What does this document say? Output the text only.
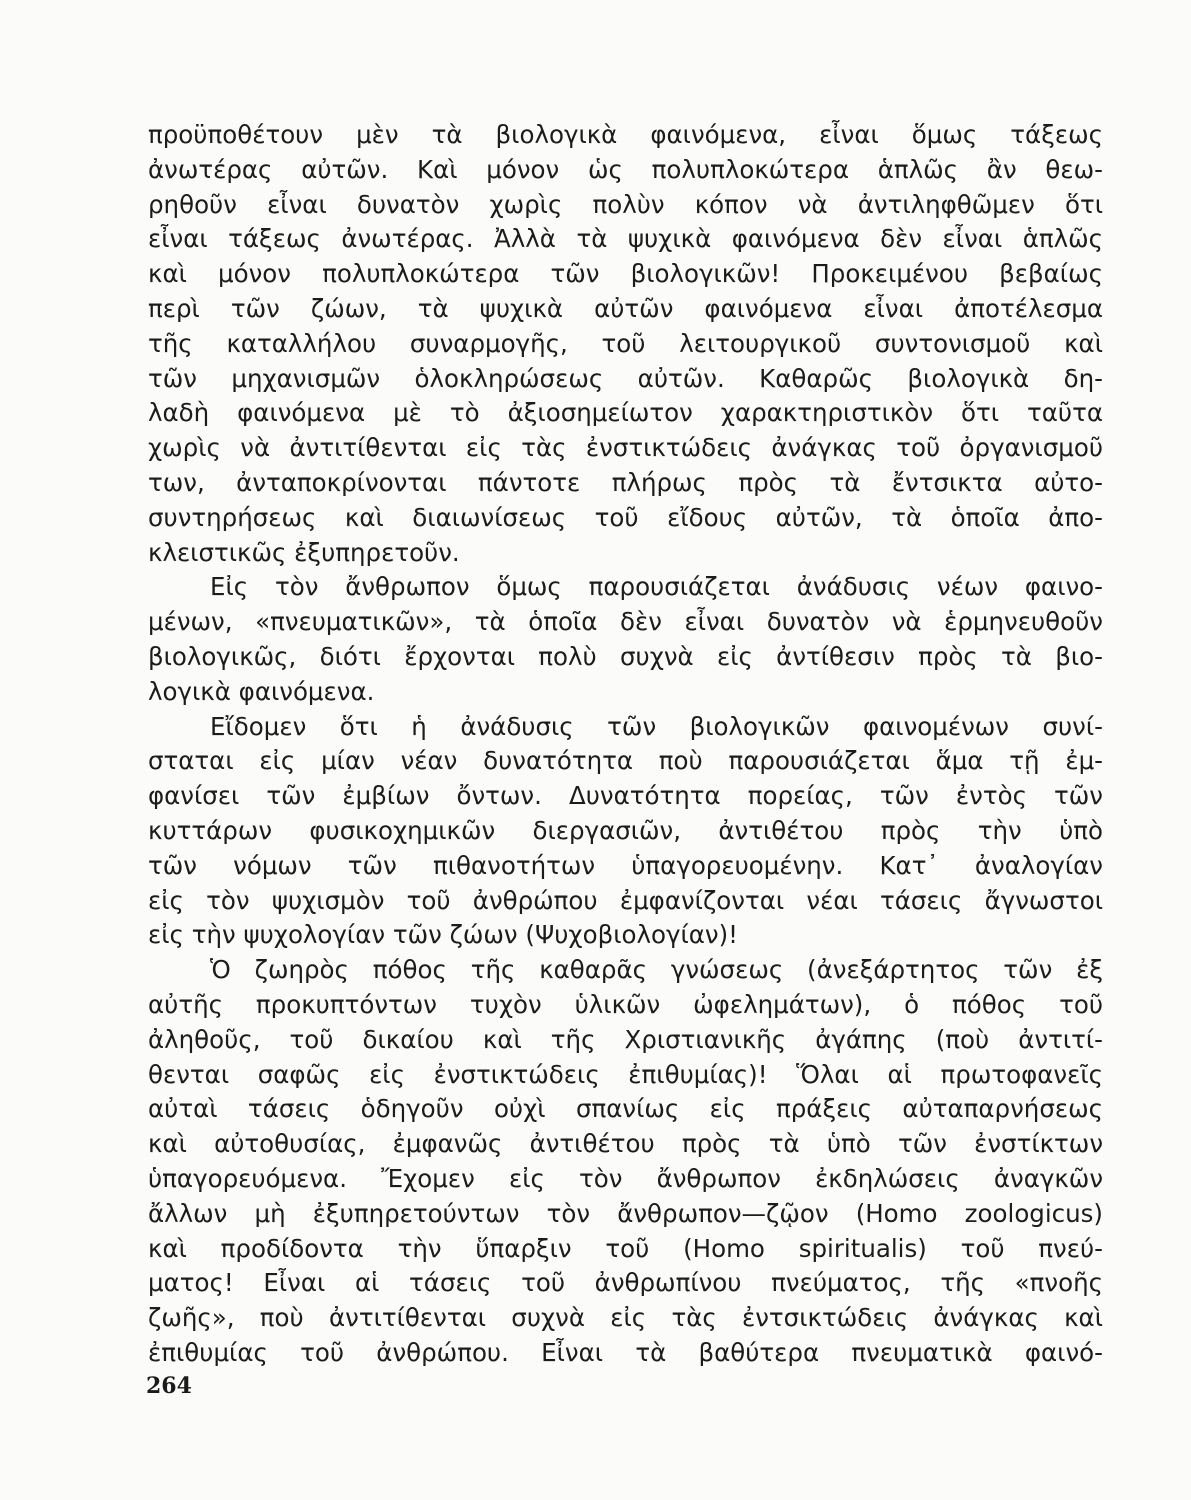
προϋποθέτουν μὲν τὰ βιολογικὰ φαινόμενα, εἶναι ὅμως τάξεως
ἀνωτέρας αὐτῶν. Καὶ μόνον ὡς πολυπλοκώτερα ἁπλῶς ἂν θεω-
ρηθοῦν εἶναι δυνατὸν χωρὶς πολὺν κόπον νὰ ἀντιληφθῶμεν ὅτι
εἶναι τάξεως ἀνωτέρας. Ἀλλὰ τὰ ψυχικὰ φαινόμενα δὲν εἶναι ἁπλῶς
καὶ μόνον πολυπλοκώτερα τῶν βιολογικῶν! Προκειμένου βεβαίως
περὶ τῶν ζώων, τὰ ψυχικὰ αὐτῶν φαινόμενα εἶναι ἀποτέλεσμα
τῆς καταλλήλου συναρμογῆς, τοῦ λειτουργικοῦ συντονισμοῦ καὶ
τῶν μηχανισμῶν ὁλοκληρώσεως αὐτῶν. Καθαρῶς βιολογικὰ δη-
λαδὴ φαινόμενα μὲ τὸ ἀξιοσημείωτον χαρακτηριστικὸν ὅτι ταῦτα
χωρὶς νὰ ἀντιτίθενται εἰς τὰς ἐνστικτώδεις ἀνάγκας τοῦ ὀργανισμοῦ
των, ἀνταποκρίνονται πάντοτε πλήρως πρὸς τὰ ἔντσικτα αὐτο-
συντηρήσεως καὶ διαιωνίσεως τοῦ εἴδους αὐτῶν, τὰ ὁποῖα ἀπο-
κλειστικῶς ἐξυπηρετοῦν.
Εἰς τὸν ἄνθρωπον ὅμως παρουσιάζεται ἀνάδυσις νέων φαινο-
μένων, «πνευματικῶν», τὰ ὁποῖα δὲν εἶναι δυνατὸν νὰ ἑρμηνευθοῦν
βιολογικῶς, διότι ἔρχονται πολὺ συχνὰ εἰς ἀντίθεσιν πρὸς τὰ βιο-
λογικὰ φαινόμενα.
Εἴδομεν ὅτι ἡ ἀνάδυσις τῶν βιολογικῶν φαινομένων συνί-
σταται εἰς μίαν νέαν δυνατότητα ποὺ παρουσιάζεται ἅμα τῇ ἐμ-
φανίσει τῶν ἐμβίων ὄντων. Δυνατότητα πορείας, τῶν ἐντὸς τῶν
κυττάρων φυσικοχημικῶν διεργασιῶν, ἀντιθέτου πρὸς τὴν ὑπὸ
τῶν νόμων τῶν πιθανοτήτων ὑπαγορευομένην. Κατ᾽ ἀναλογίαν
εἰς τὸν ψυχισμὸν τοῦ ἀνθρώπου ἐμφανίζονται νέαι τάσεις ἄγνωστοι
εἰς τὴν ψυχολογίαν τῶν ζώων (Ψυχοβιολογίαν)!
Ὁ ζωηρὸς πόθος τῆς καθαρᾶς γνώσεως (ἀνεξάρτητος τῶν ἐξ
αὐτῆς προκυπτόντων τυχὸν ὑλικῶν ὠφελημάτων), ὁ πόθος τοῦ
ἀληθοῦς, τοῦ δικαίου καὶ τῆς Χριστιανικῆς ἀγάπης (ποὺ ἀντιτί-
θενται σαφῶς εἰς ἐνστικτώδεις ἐπιθυμίας)! Ὅλαι αἱ πρωτοφανεῖς
αὐταὶ τάσεις ὁδηγοῦν οὐχὶ σπανίως εἰς πράξεις αὐταπαρνήσεως
καὶ αὐτοθυσίας, ἐμφανῶς ἀντιθέτου πρὸς τὰ ὑπὸ τῶν ἐνστίκτων
ὑπαγορευόμενα. Ἔχομεν εἰς τὸν ἄνθρωπον ἐκδηλώσεις ἀναγκῶν
ἄλλων μὴ ἐξυπηρετούντων τὸν ἄνθρωπον—ζῷον (Homo zoologicus)
καὶ προδίδοντα τὴν ὕπαρξιν τοῦ (Homo spiritualis) τοῦ πνεύ-
ματος! Εἶναι αἱ τάσεις τοῦ ἀνθρωπίνου πνεύματος, τῆς «πνοῆς
ζωῆς», ποὺ ἀντιτίθενται συχνὰ εἰς τὰς ἐντσικτώδεις ἀνάγκας καὶ
ἐπιθυμίας τοῦ ἀνθρώπου. Εἶναι τὰ βαθύτερα πνευματικὰ φαινό-
264
